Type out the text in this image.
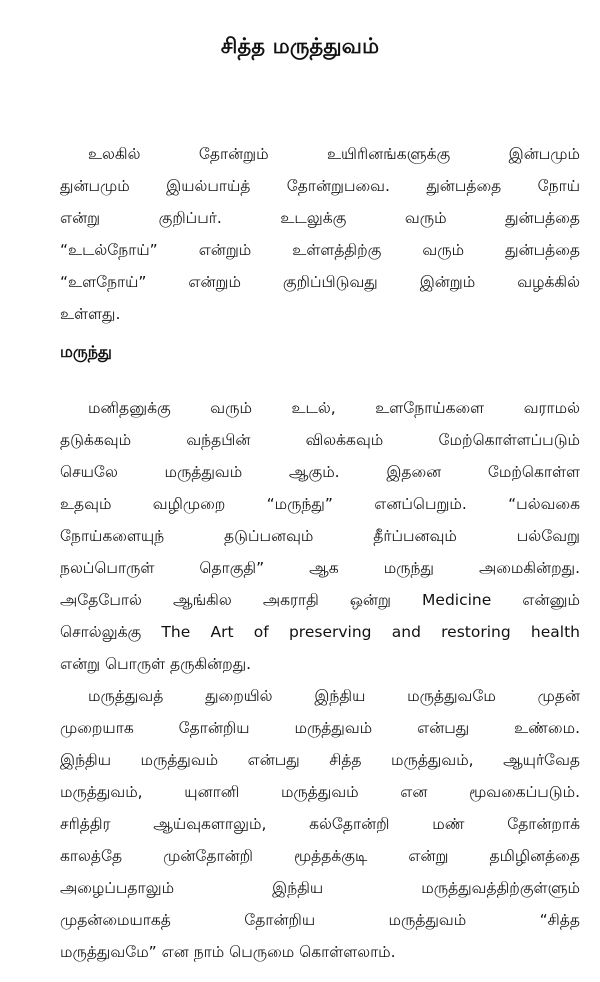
சித்த மருத்துவம்
உலகில் தோன்றும் உயிரினங்களுக்கு இன்பமும்
துன்பமும் இயல்பாய்த் தோன்றுபவை. துன்பத்தை நோய்
என்று குறிப்பர். உடலுக்கு வரும் துன்பத்தை
“உடல்நோய்” என்றும் உள்ளத்திற்கு வரும் துன்பத்தை
“உளநோய்” என்றும் குறிப்பிடுவது இன்றும் வழக்கில்
உள்ளது.
மருந்து
மனிதனுக்கு வரும் உடல், உளநோய்களை வராமல்
தடுக்கவும் வந்தபின் விலக்கவும் மேற்கொள்ளப்படும்
செயலே மருத்துவம் ஆகும். இதனை மேற்கொள்ள
உதவும் வழிமுறை “மருந்து” எனப்பெறும். “பல்வகை
நோய்களையுந் தடுப்பனவும் தீர்ப்பனவும் பல்வேறு
நலப்பொருள் தொகுதி” ஆக மருந்து அமைகின்றது.
அதேபோல் ஆங்கில அகராதி ஒன்று Medicine என்னும்
சொல்லுக்கு The Art of preserving and restoring health
என்று பொருள் தருகின்றது.
மருத்துவத் துறையில் இந்திய மருத்துவமே முதன்
முறையாக தோன்றிய மருத்துவம் என்பது உண்மை.
இந்திய மருத்துவம் என்பது சித்த மருத்துவம், ஆயுர்வேத
மருத்துவம், யுனானி மருத்துவம் என மூவகைப்படும்.
சரித்திர ஆய்வுகளாலும், கல்தோன்றி மண் தோன்றாக்
காலத்தே முன்தோன்றி மூத்தக்குடி என்று தமிழினத்தை
அழைப்பதாலும் இந்திய மருத்துவத்திற்குள்ளும்
முதன்மையாகத் தோன்றிய மருத்துவம் “சித்த
மருத்துவமே” என நாம் பெருமை கொள்ளலாம்.
